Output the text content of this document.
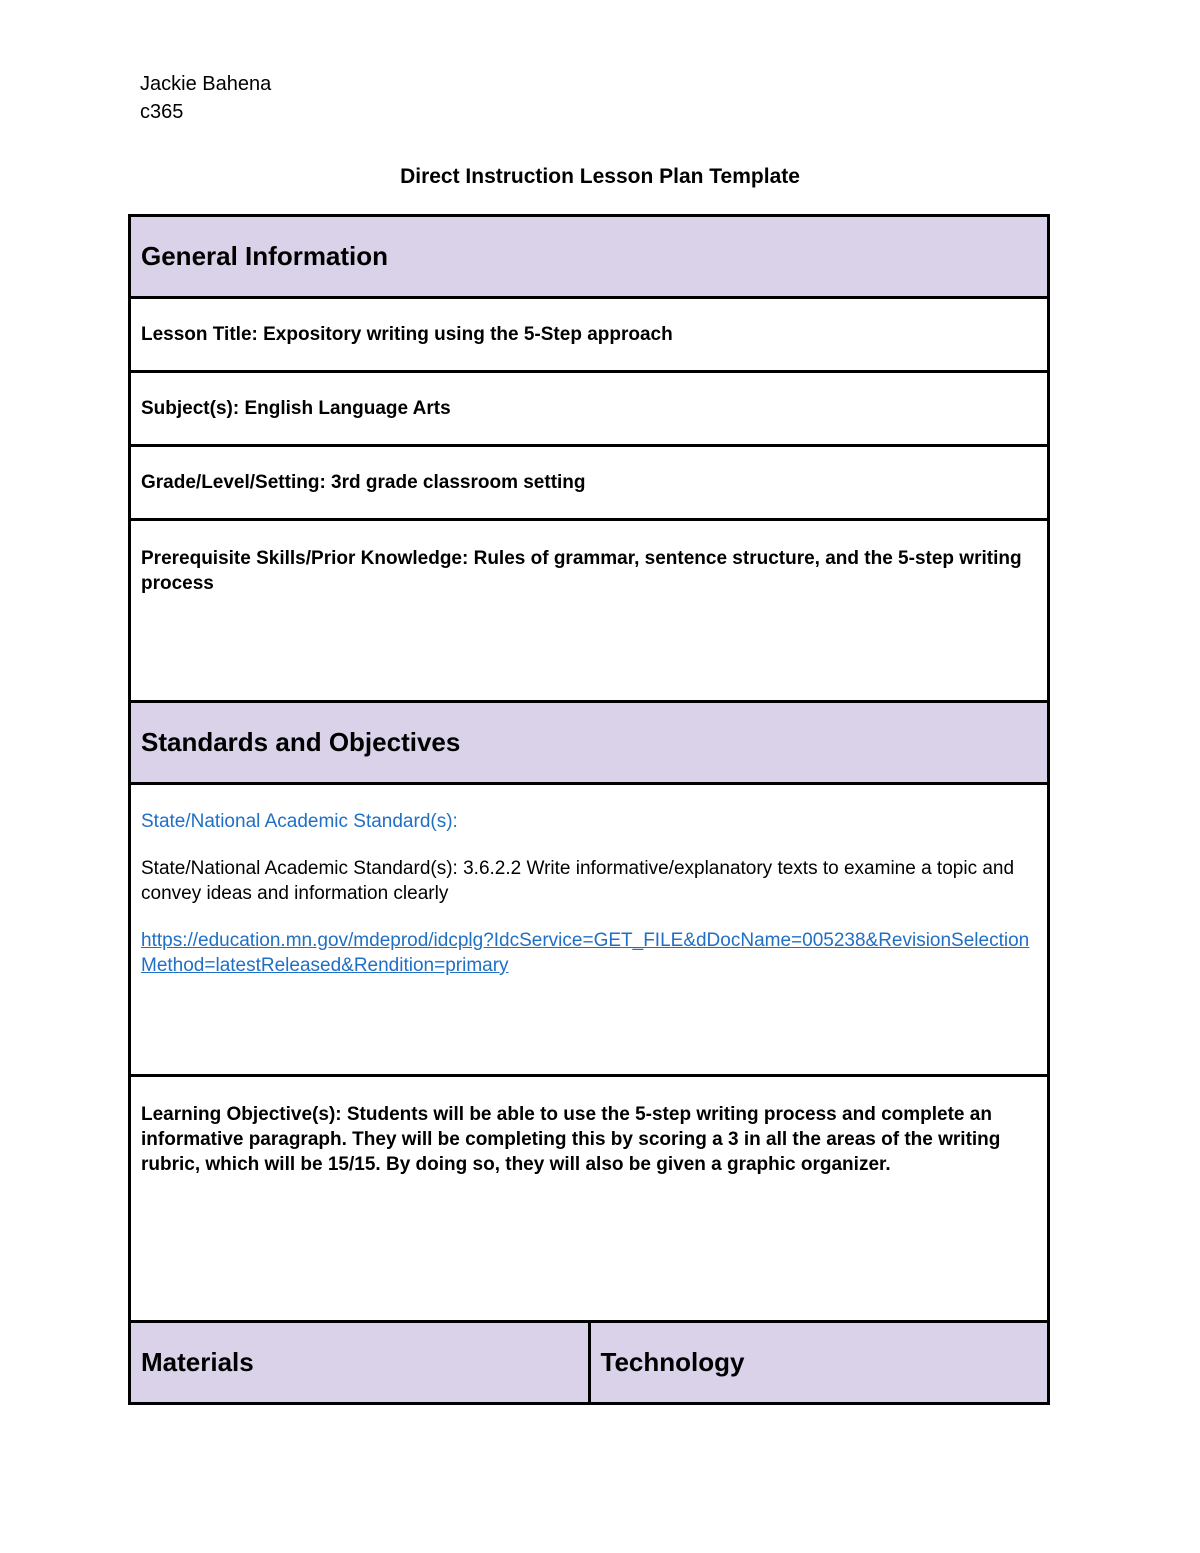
Jackie Bahena
c365
Direct Instruction Lesson Plan Template
General Information
Lesson Title: Expository writing using the 5-Step approach
Subject(s): English Language Arts
Grade/Level/Setting: 3rd grade classroom setting
Prerequisite Skills/Prior Knowledge: Rules of grammar, sentence structure, and the 5-step writing process
Standards and Objectives

State/National Academic Standard(s):
State/National Academic Standard(s): 3.6.2.2 Write informative/explanatory texts to examine a topic and convey ideas and information clearly
https://education.mn.gov/mdeprod/idcplg?IdcService=GET_FILE&dDocName=005238&RevisionSelectionMethod=latestReleased&Rendition=primary

Learning Objective(s): Students will be able to use the 5-step writing process and complete an informative paragraph. They will be completing this by scoring a 3 in all the areas of the writing rubric, which will be 15/15. By doing so, they will also be given a graphic organizer.
Materials	Technology
